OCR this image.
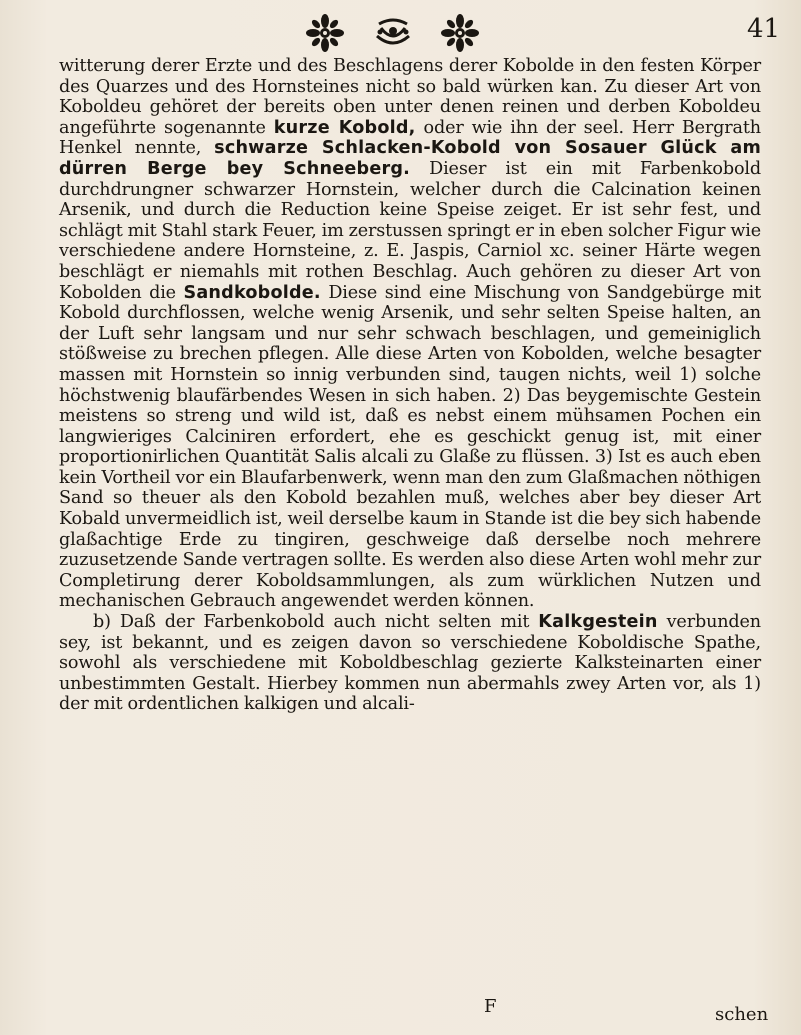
41

witterung derer Erzte und des Beschlagens derer Kobolde in den festen Körper des Quarzes und des Hornsteines nicht so bald würken kan. Zu dieser Art von Koboldeu gehöret der bereits oben unter denen reinen und derben Koboldeu angeführte sogenannte kurze Kobold, oder wie ihn der seel. Herr Bergrath Henkel nennte, schwarze Schlacken-Kobold von Sosauer Glück am dürren Berge bey Schneeberg. Dieser ist ein mit Farbenkobold durchdrungner schwarzer Hornstein, welcher durch die Calcination keinen Arsenik, und durch die Reduction keine Speise zeiget. Er ist sehr fest, und schlägt mit Stahl stark Feuer, im zerstussen springt er in eben solcher Figur wie verschiedene andere Hornsteine, z. E. Jaspis, Carniol xc. seiner Härte wegen beschlägt er niemahls mit rothen Beschlag. Auch gehören zu dieser Art von Kobolden die Sandkobolde. Diese sind eine Mischung von Sandgebürge mit Kobold durchflossen, welche wenig Arsenik, und sehr selten Speise halten, an der Luft sehr langsam und nur sehr schwach beschlagen, und gemeiniglich stößweise zu brechen pflegen. Alle diese Arten von Kobolden, welche besagter massen mit Hornstein so innig verbunden sind, taugen nichts, weil 1) solche höchstwenig blaufärbendes Wesen in sich haben. 2) Das beygemischte Gestein meistens so streng und wild ist, daß es nebst einem mühsamen Pochen ein langwieriges Calciniren erfordert, ehe es geschickt genug ist, mit einer proportionirlichen Quantität Salis alcali zu Glaße zu flüssen. 3) Ist es auch eben kein Vortheil vor ein Blaufarbenwerk, wenn man den zum Glaßmachen nöthigen Sand so theuer als den Kobold bezahlen muß, welches aber bey dieser Art Kobald unvermeidlich ist, weil derselbe kaum in Stande ist die bey sich habende glaßachtige Erde zu tingiren, geschweige daß derselbe noch mehrere zuzusetzende Sande vertragen sollte. Es werden also diese Arten wohl mehr zur Completirung derer Koboldsammlungen, als zum würklichen Nutzen und mechanischen Gebrauch angewendet werden können.

b) Daß der Farbenkobold auch nicht selten mit Kalkgestein verbunden sey, ist bekannt, und es zeigen davon so verschiedene Koboldische Spathe, sowohl als verschiedene mit Koboldbeschlag gezierte Kalksteinarten einer unbestimmten Gestalt. Hierbey kommen nun abermahls zwey Arten vor, als 1) der mit ordentlichen kalkigen und alcali-

F	schen
